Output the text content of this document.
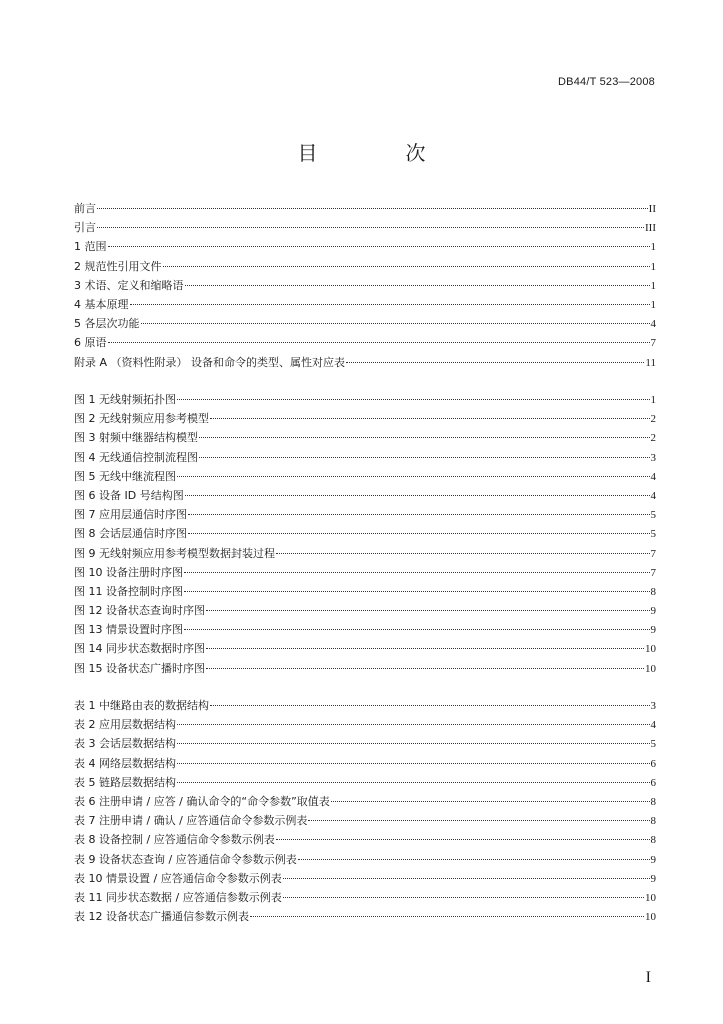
DB44/T 523—2008
目　次
前言	II
引言	III
1 范围	1
2 规范性引用文件	1
3 术语、定义和缩略语	1
4 基本原理	1
5 各层次功能	4
6 原语	7
附录 A （资料性附录） 设备和命令的类型、属性对应表	11
图 1 无线射频拓扑图	1
图 2 无线射频应用参考模型	2
图 3 射频中继器结构模型	2
图 4 无线通信控制流程图	3
图 5 无线中继流程图	4
图 6 设备 ID 号结构图	4
图 7 应用层通信时序图	5
图 8 会话层通信时序图	5
图 9 无线射频应用参考模型数据封装过程	7
图 10 设备注册时序图	7
图 11 设备控制时序图	8
图 12 设备状态查询时序图	9
图 13 情景设置时序图	9
图 14 同步状态数据时序图	10
图 15 设备状态广播时序图	10
表 1 中继路由表的数据结构	3
表 2 应用层数据结构	4
表 3 会话层数据结构	5
表 4 网络层数据结构	6
表 5 链路层数据结构	6
表 6 注册申请 / 应答 / 确认命令的“命令参数”取值表	8
表 7 注册申请 / 确认 / 应答通信命令参数示例表	8
表 8 设备控制 / 应答通信命令参数示例表	8
表 9 设备状态查询 / 应答通信命令参数示例表	9
表 10 情景设置 / 应答通信命令参数示例表	9
表 11 同步状态数据 / 应答通信参数示例表	10
表 12 设备状态广播通信参数示例表	10
I
